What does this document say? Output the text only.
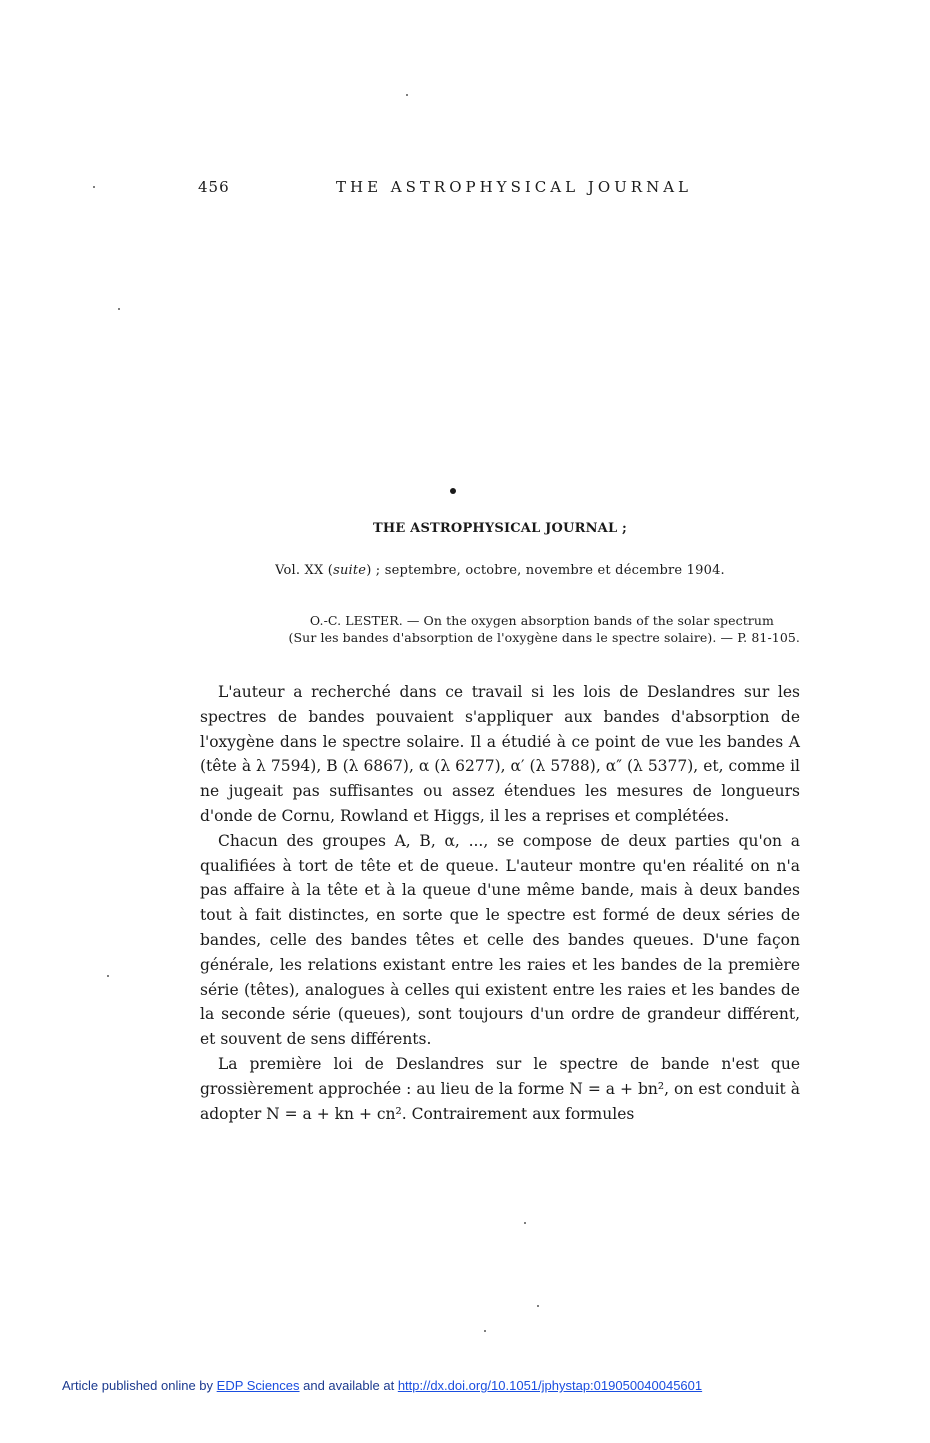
456	THE ASTROPHYSICAL JOURNAL
THE ASTROPHYSICAL JOURNAL ;
Vol. XX (suite) ; septembre, octobre, novembre et décembre 1904.
O.-C. LESTER. — On the oxygen absorption bands of the solar spectrum
(Sur les bandes d'absorption de l'oxygène dans le spectre solaire). — P. 81-105.

L'auteur a recherché dans ce travail si les lois de Deslandres sur les spectres de bandes pouvaient s'appliquer aux bandes d'absorption de l'oxygène dans le spectre solaire. Il a étudié à ce point de vue les bandes A (tête à λ 7594), B (λ 6867), α (λ 6277), α′ (λ 5788), α″ (λ 5377), et, comme il ne jugeait pas suffisantes ou assez étendues les mesures de longueurs d'onde de Cornu, Rowland et Higgs, il les a reprises et complétées.

Chacun des groupes A, B, α, ..., se compose de deux parties qu'on a qualifiées à tort de tête et de queue. L'auteur montre qu'en réalité on n'a pas affaire à la tête et à la queue d'une même bande, mais à deux bandes tout à fait distinctes, en sorte que le spectre est formé de deux séries de bandes, celle des bandes têtes et celle des bandes queues. D'une façon générale, les relations existant entre les raies et les bandes de la première série (têtes), analogues à celles qui existent entre les raies et les bandes de la seconde série (queues), sont toujours d'un ordre de grandeur différent, et souvent de sens différents.

La première loi de Deslandres sur le spectre de bande n'est que grossièrement approchée : au lieu de la forme N = a + bn², on est conduit à adopter N = a + kn + cn². Contrairement aux formules

Article published online by EDP Sciences and available at http://dx.doi.org/10.1051/jphystap:019050040045601
